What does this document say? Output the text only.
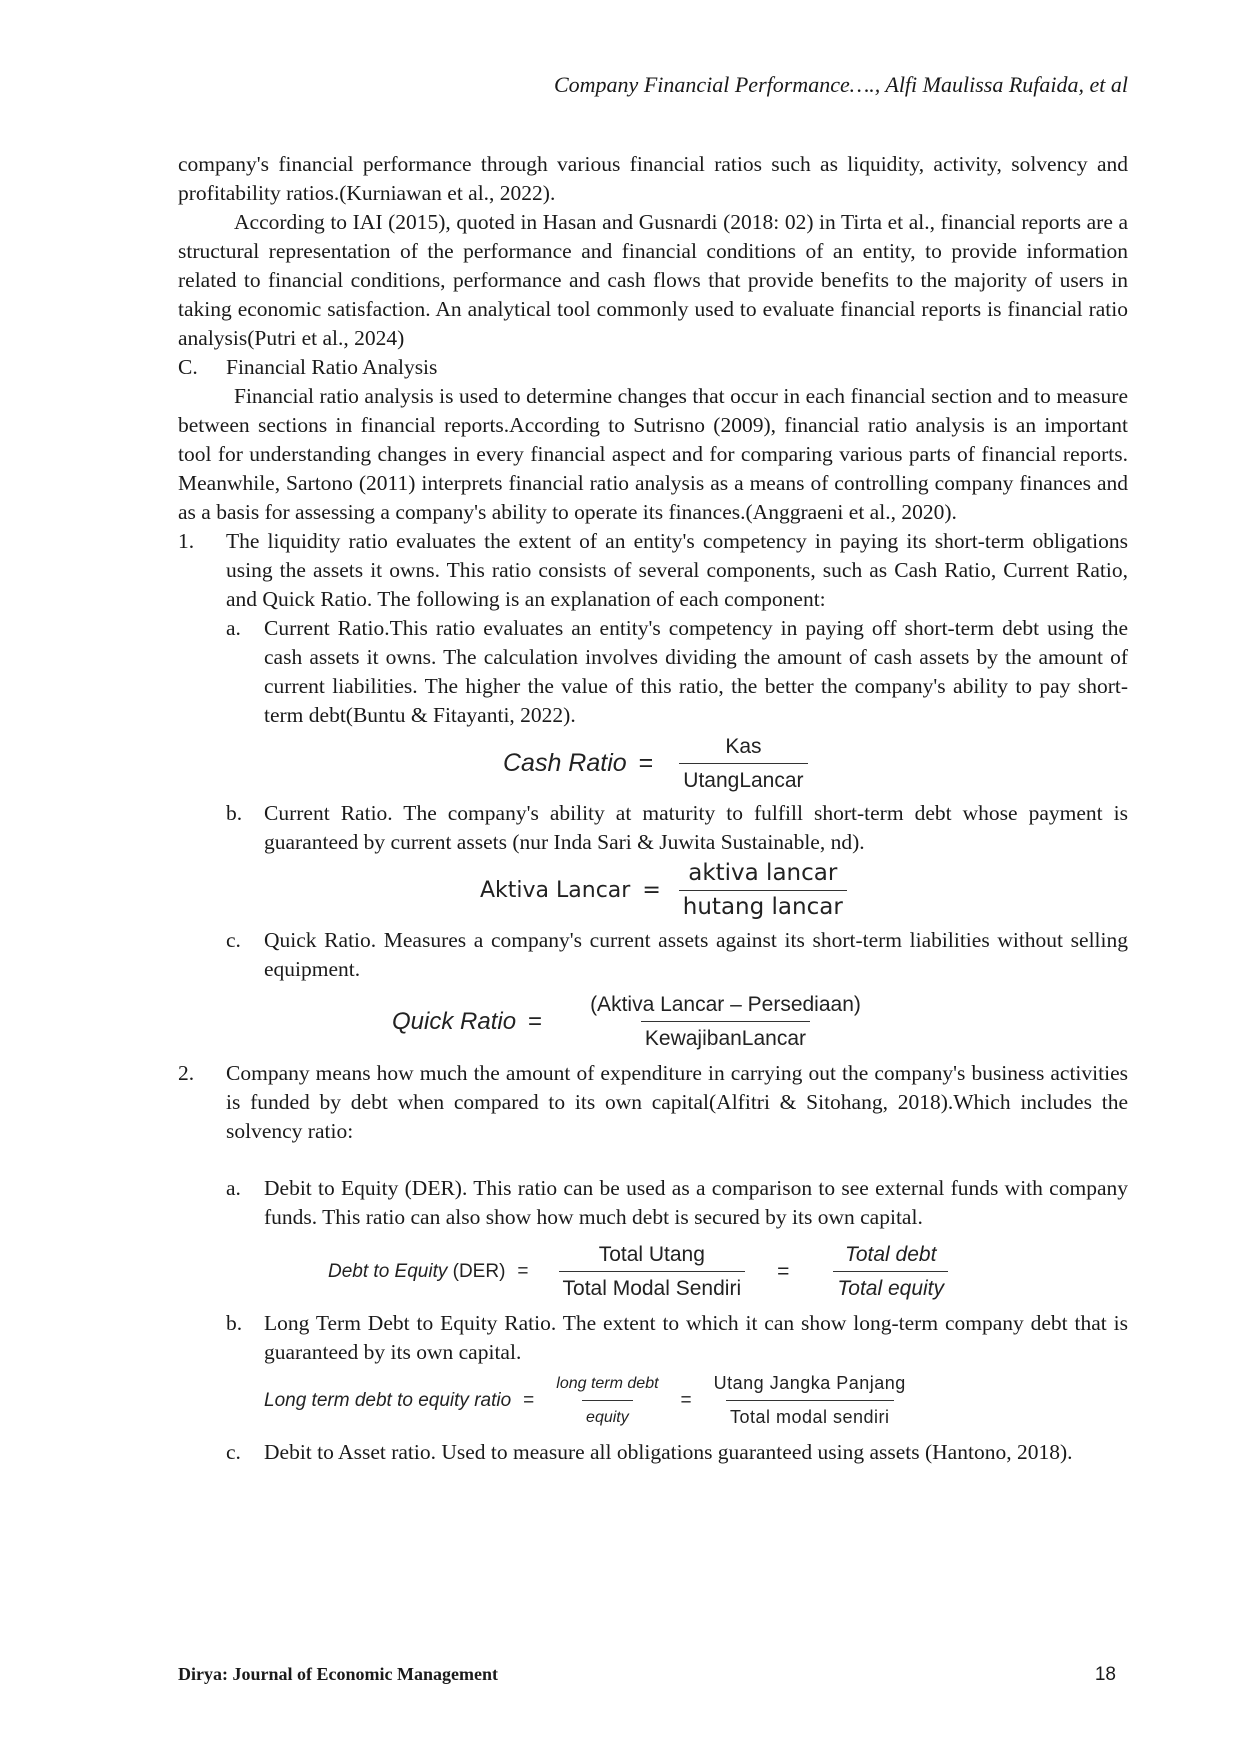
Company Financial Performance…., Alfi Maulissa Rufaida, et al

company's financial performance through various financial ratios such as liquidity, activity, solvency and profitability ratios.(Kurniawan et al., 2022).

According to IAI (2015), quoted in Hasan and Gusnardi (2018: 02) in Tirta et al., financial reports are a structural representation of the performance and financial conditions of an entity, to provide information related to financial conditions, performance and cash flows that provide benefits to the majority of users in taking economic satisfaction. An analytical tool commonly used to evaluate financial reports is financial ratio analysis(Putri et al., 2024)

C. Financial Ratio Analysis

Financial ratio analysis is used to determine changes that occur in each financial section and to measure between sections in financial reports.According to Sutrisno (2009), financial ratio analysis is an important tool for understanding changes in every financial aspect and for comparing various parts of financial reports. Meanwhile, Sartono (2011) interprets financial ratio analysis as a means of controlling company finances and as a basis for assessing a company's ability to operate its finances.(Anggraeni et al., 2020).

1. The liquidity ratio evaluates the extent of an entity's competency in paying its short-term obligations using the assets it owns. This ratio consists of several components, such as Cash Ratio, Current Ratio, and Quick Ratio. The following is an explanation of each component:
a. Current Ratio.This ratio evaluates an entity's competency in paying off short-term debt using the cash assets it owns. The calculation involves dividing the amount of cash assets by the amount of current liabilities. The higher the value of this ratio, the better the company's ability to pay short-term debt(Buntu & Fitayanti, 2022).
Cash Ratio = $\frac{\text{Kas}}{\text{UtangLancar}}$
b. Current Ratio. The company's ability at maturity to fulfill short-term debt whose payment is guaranteed by current assets (nur Inda Sari & Juwita Sustainable, nd).
Aktiva Lancar = $\frac{\text{aktiva lancar}}{\text{hutang lancar}}$
c. Quick Ratio. Measures a company's current assets against its short-term liabilities without selling equipment.
Quick Ratio = $\frac{\text{(Aktiva Lancar – Persediaan)}}{\text{KewajibanLancar}}$
2. Company means how much the amount of expenditure in carrying out the company's business activities is funded by debt when compared to its own capital(Alfitri & Sitohang, 2018).Which includes the solvency ratio:
a. Debit to Equity (DER). This ratio can be used as a comparison to see external funds with company funds. This ratio can also show how much debt is secured by its own capital.
Debt to Equity $(DER) = \frac{\text{Total Utang}}{\text{Total Modal Sendiri}} = \frac{\text{Total debt}}{\text{Total equity}}$
b. Long Term Debt to Equity Ratio. The extent to which it can show long-term company debt that is guaranteed by its own capital.
Long term debt to equity ratio = $\frac{\text{long term debt}}{\text{equity}} = \frac{\text{Utang Jangka Panjang}}{\text{Total modal sendiri}}$
c. Debit to Asset ratio. Used to measure all obligations guaranteed using assets (Hantono, 2018).
Dirya: Journal of Economic Management	18
